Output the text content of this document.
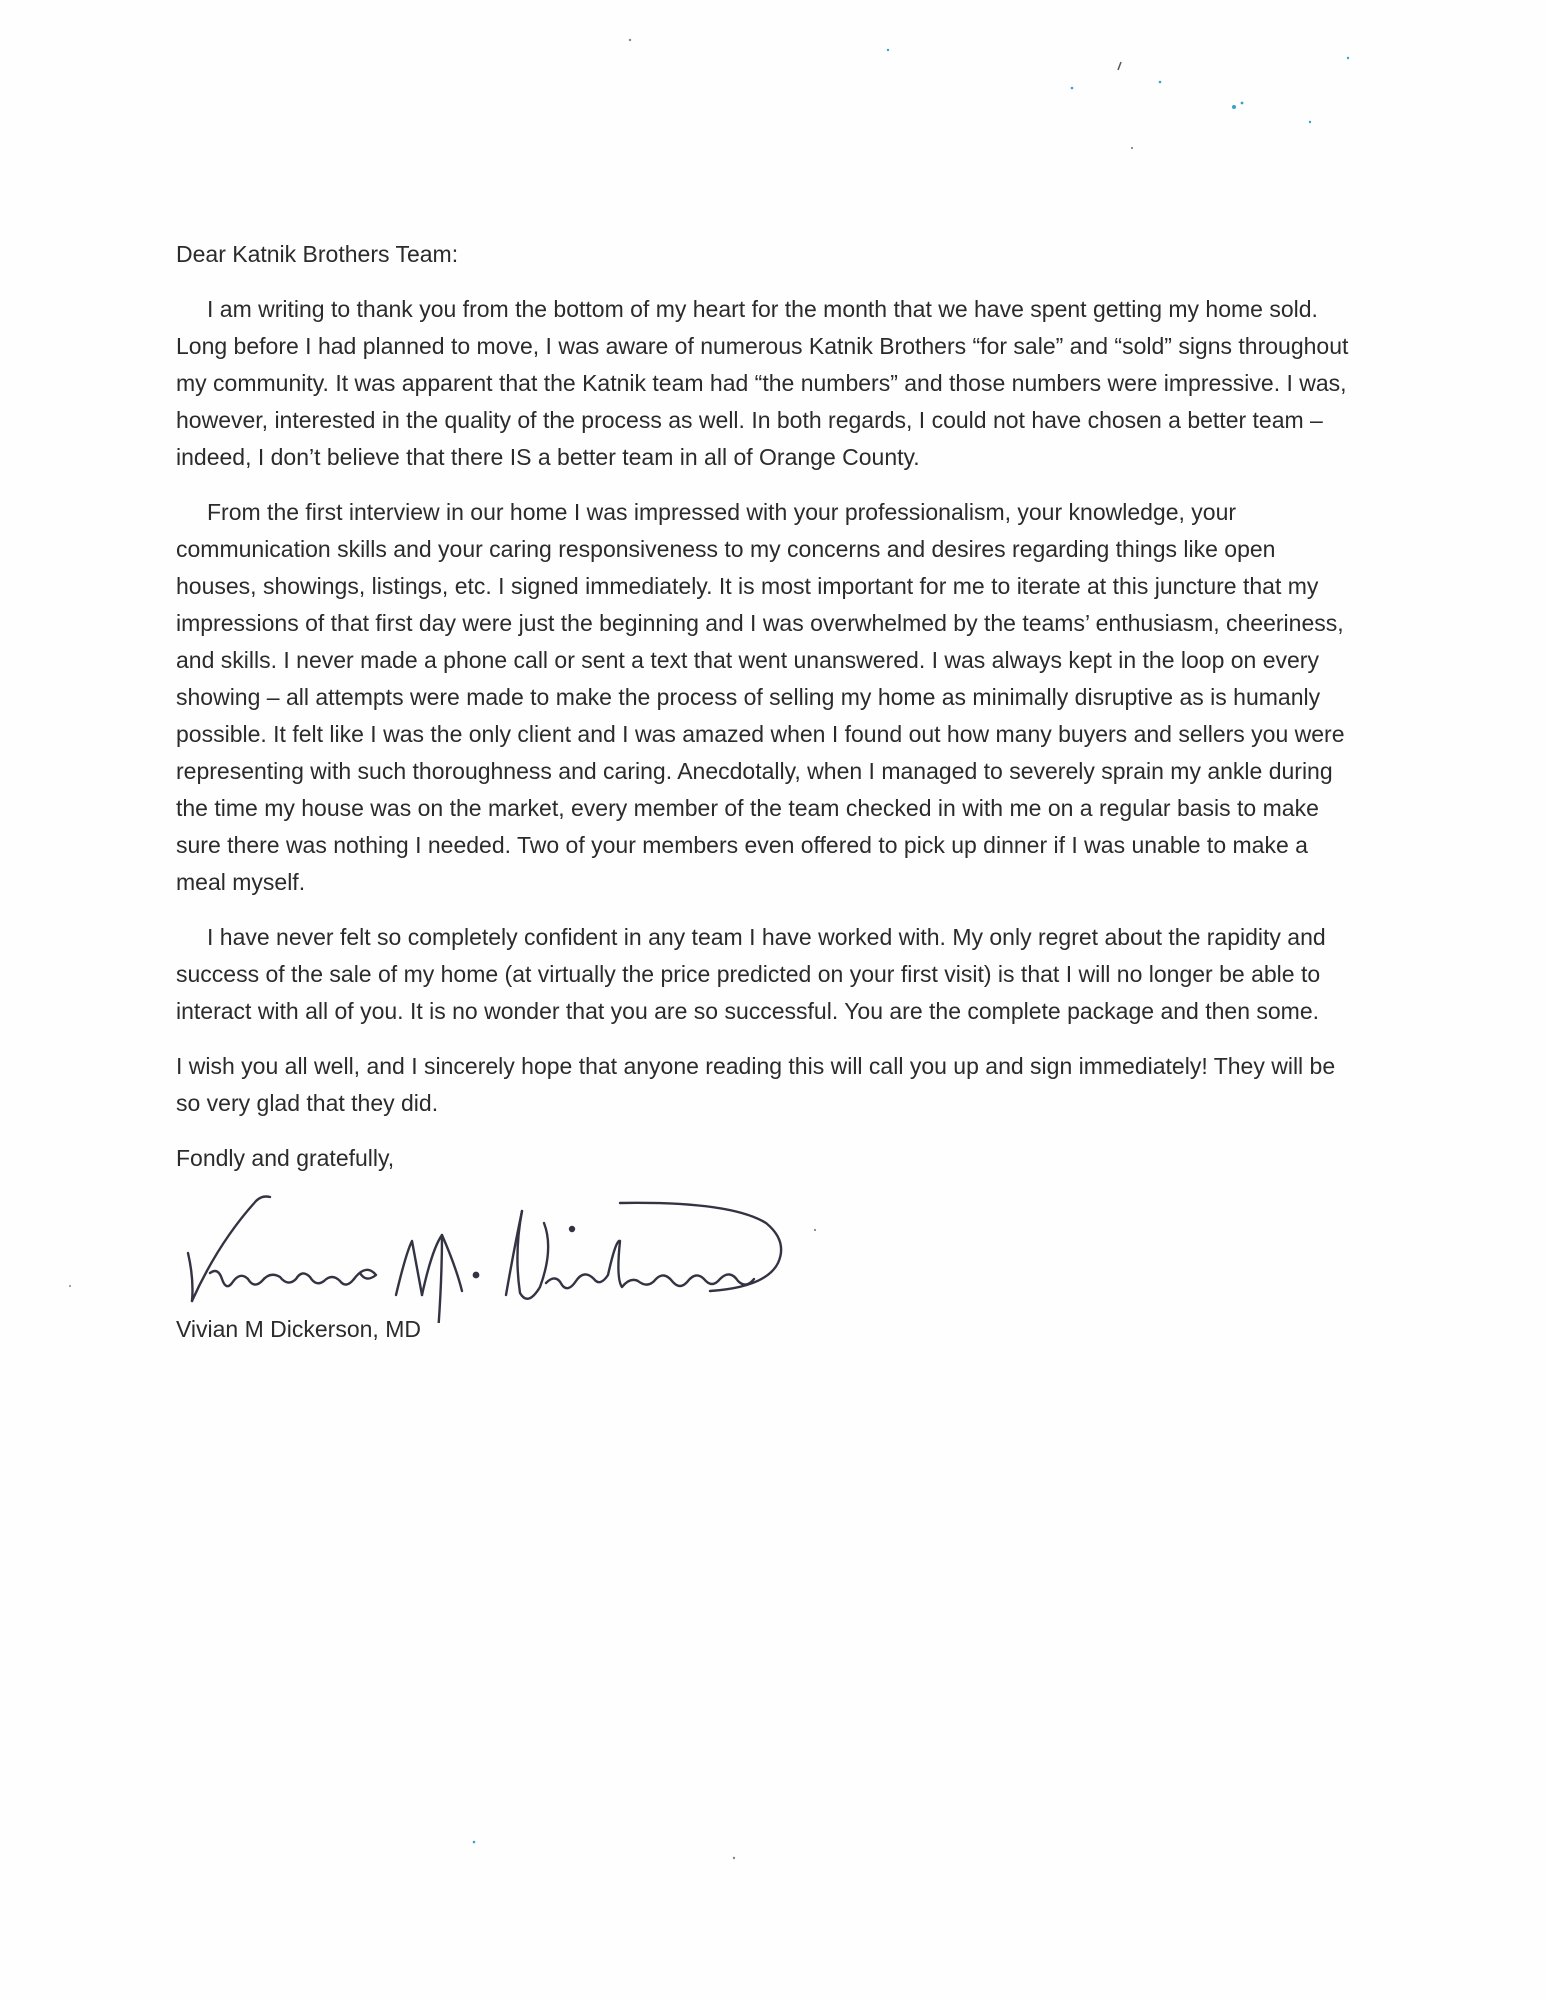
Dear Katnik Brothers Team:

I am writing to thank you from the bottom of my heart for the month that we have spent getting my home sold. Long before I had planned to move, I was aware of numerous Katnik Brothers “for sale” and “sold” signs throughout my community. It was apparent that the Katnik team had “the numbers” and those numbers were impressive. I was, however, interested in the quality of the process as well. In both regards, I could not have chosen a better team – indeed, I don’t believe that there IS a better team in all of Orange County.

From the first interview in our home I was impressed with your professionalism, your knowledge, your communication skills and your caring responsiveness to my concerns and desires regarding things like open houses, showings, listings, etc. I signed immediately. It is most important for me to iterate at this juncture that my impressions of that first day were just the beginning and I was overwhelmed by the teams’ enthusiasm, cheeriness, and skills. I never made a phone call or sent a text that went unanswered. I was always kept in the loop on every showing – all attempts were made to make the process of selling my home as minimally disruptive as is humanly possible. It felt like I was the only client and I was amazed when I found out how many buyers and sellers you were representing with such thoroughness and caring. Anecdotally, when I managed to severely sprain my ankle during the time my house was on the market, every member of the team checked in with me on a regular basis to make sure there was nothing I needed. Two of your members even offered to pick up dinner if I was unable to make a meal myself.

I have never felt so completely confident in any team I have worked with. My only regret about the rapidity and success of the sale of my home (at virtually the price predicted on your first visit) is that I will no longer be able to interact with all of you. It is no wonder that you are so successful. You are the complete package and then some.

I wish you all well, and I sincerely hope that anyone reading this will call you up and sign immediately! They will be so very glad that they did.

Fondly and gratefully,

Vivian M Dickerson, MD
